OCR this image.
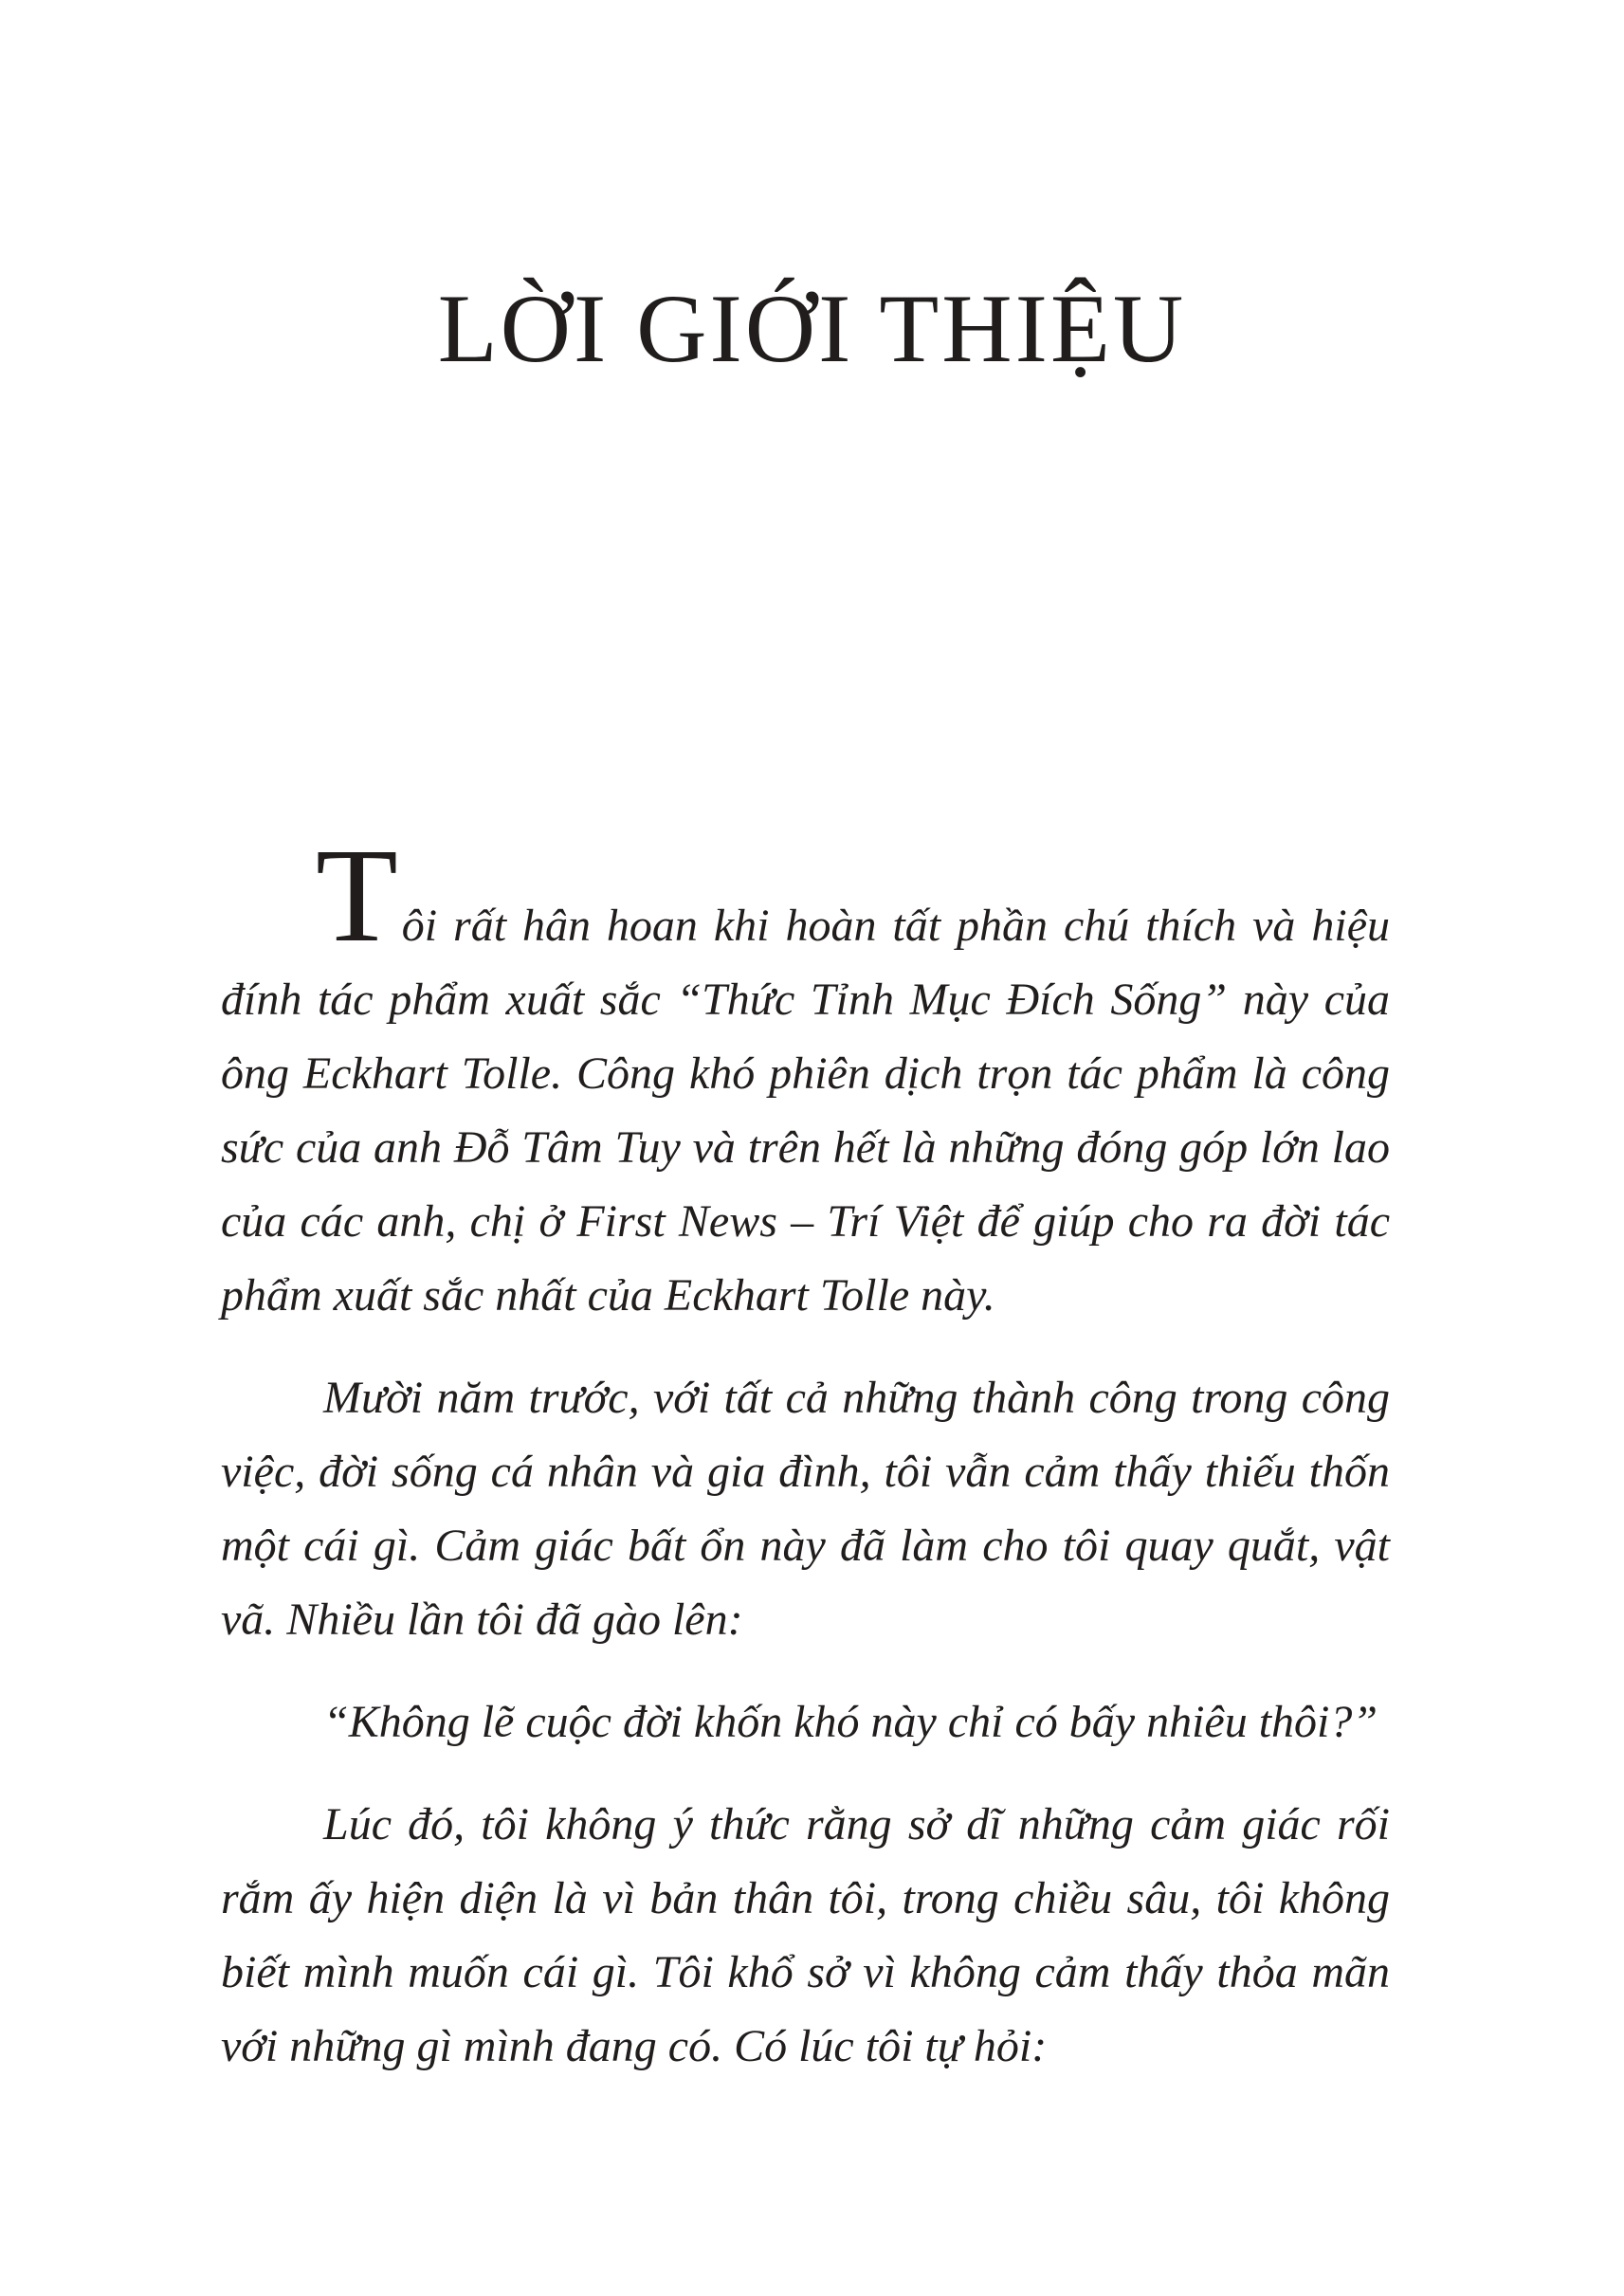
LỜI GIỚI THIỆU

Tôi rất hân hoan khi hoàn tất phần chú thích và hiệu đính tác phẩm xuất sắc “Thức Tỉnh Mục Đích Sống” này của ông Eckhart Tolle. Công khó phiên dịch trọn tác phẩm là công sức của anh Đỗ Tâm Tuy và trên hết là những đóng góp lớn lao của các anh, chị ở First News – Trí Việt để giúp cho ra đời tác phẩm xuất sắc nhất của Eckhart Tolle này.

Mười năm trước, với tất cả những thành công trong công việc, đời sống cá nhân và gia đình, tôi vẫn cảm thấy thiếu thốn một cái gì. Cảm giác bất ổn này đã làm cho tôi quay quắt, vật vã. Nhiều lần tôi đã gào lên:

“Không lẽ cuộc đời khốn khó này chỉ có bấy nhiêu thôi?”

Lúc đó, tôi không ý thức rằng sở dĩ những cảm giác rối rắm ấy hiện diện là vì bản thân tôi, trong chiều sâu, tôi không biết mình muốn cái gì. Tôi khổ sở vì không cảm thấy thỏa mãn với những gì mình đang có. Có lúc tôi tự hỏi:
